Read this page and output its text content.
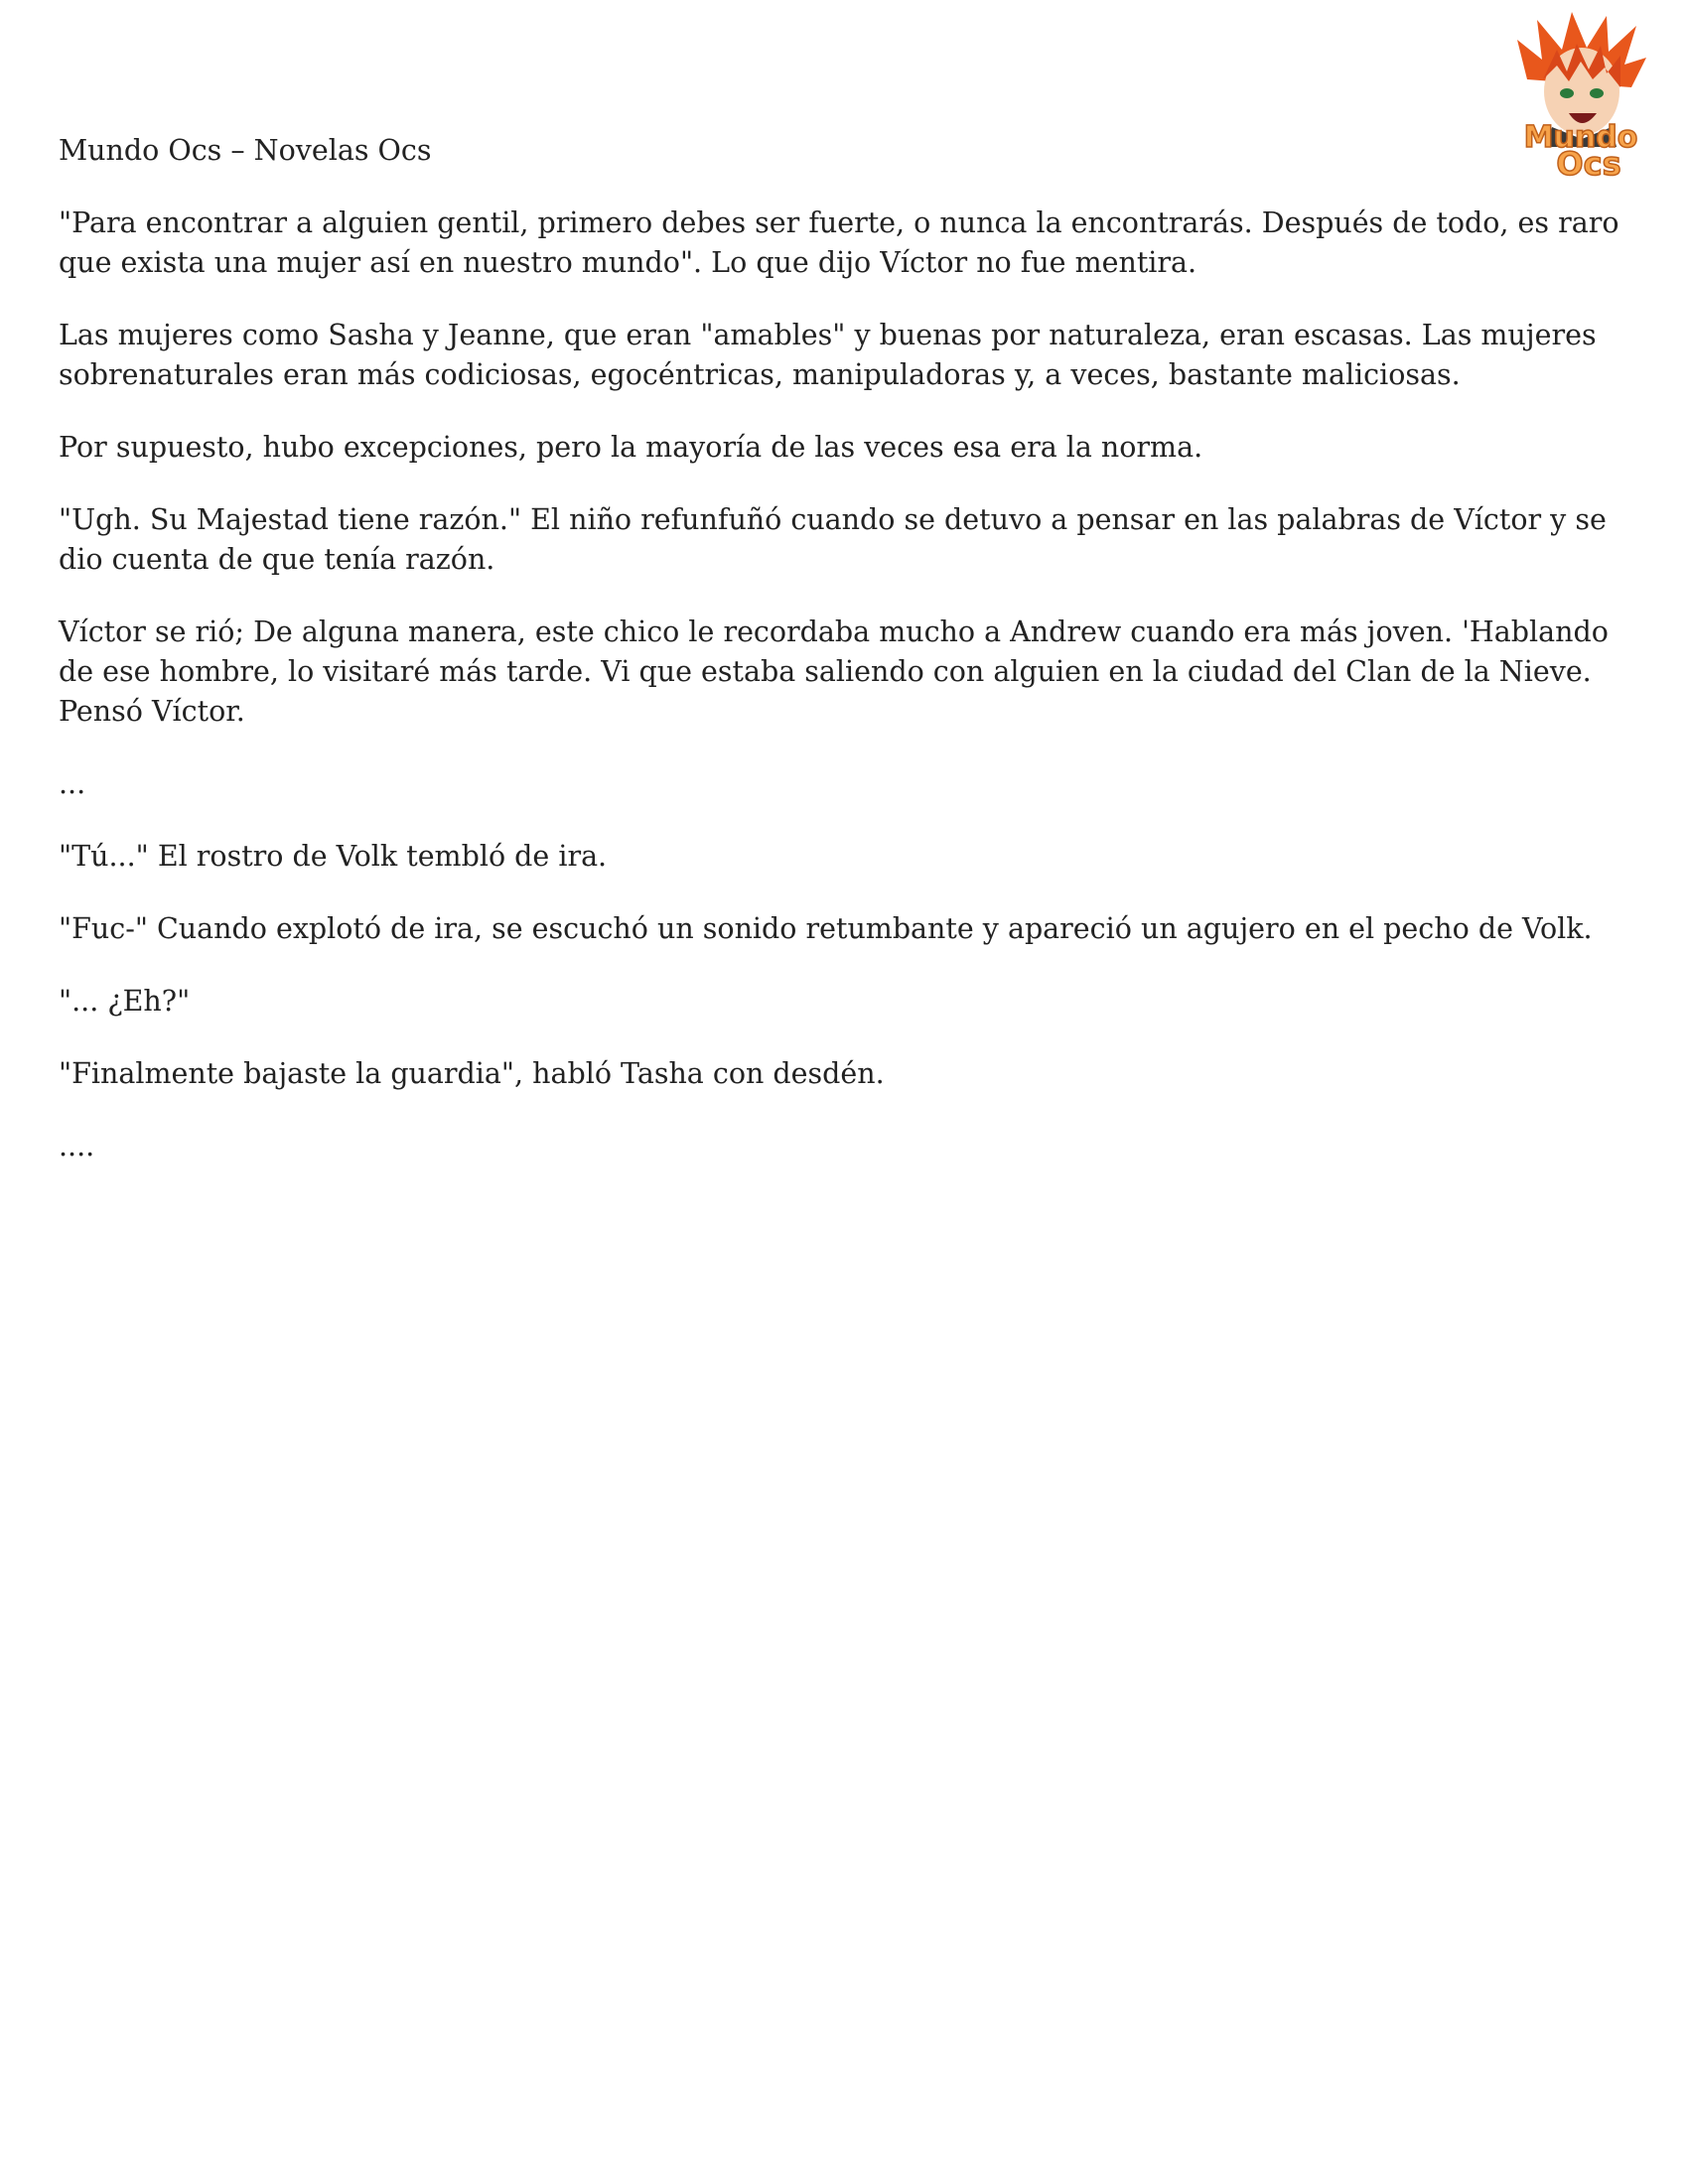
Mundo
Ocs

Mundo Ocs – Novelas Ocs

"Para encontrar a alguien gentil, primero debes ser fuerte, o nunca la encontrarás. Después de todo, es raro que exista una mujer así en nuestro mundo". Lo que dijo Víctor no fue mentira.

Las mujeres como Sasha y Jeanne, que eran "amables" y buenas por naturaleza, eran escasas. Las mujeres sobrenaturales eran más codiciosas, egocéntricas, manipuladoras y, a veces, bastante maliciosas.

Por supuesto, hubo excepciones, pero la mayoría de las veces esa era la norma.

"Ugh. Su Majestad tiene razón." El niño refunfuñó cuando se detuvo a pensar en las palabras de Víctor y se dio cuenta de que tenía razón.

Víctor se rió; De alguna manera, este chico le recordaba mucho a Andrew cuando era más joven. 'Hablando de ese hombre, lo visitaré más tarde. Vi que estaba saliendo con alguien en la ciudad del Clan de la Nieve. Pensó Víctor.

...

"Tú..." El rostro de Volk tembló de ira.

"Fuc-" Cuando explotó de ira, se escuchó un sonido retumbante y apareció un agujero en el pecho de Volk.

"... ¿Eh?"

"Finalmente bajaste la guardia", habló Tasha con desdén.

....
